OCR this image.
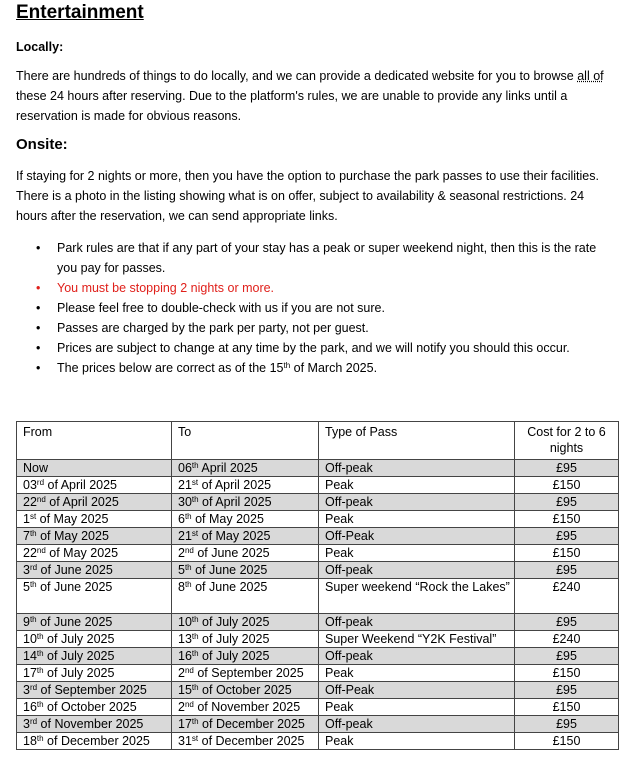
Entertainment
Locally:
There are hundreds of things to do locally, and we can provide a dedicated website for you to browse all of these 24 hours after reserving. Due to the platform's rules, we are unable to provide any links until a reservation is made for obvious reasons.
Onsite:
If staying for 2 nights or more, then you have the option to purchase the park passes to use their facilities. There is a photo in the listing showing what is on offer, subject to availability & seasonal restrictions. 24 hours after the reservation, we can send appropriate links.
• Park rules are that if any part of your stay has a peak or super weekend night, then this is the rate you pay for passes.
• You must be stopping 2 nights or more.
• Please feel free to double-check with us if you are not sure.
• Passes are charged by the park per party, not per guest.
• Prices are subject to change at any time by the park, and we will notify you should this occur.
• The prices below are correct as of the 15th of March 2025.
From	To	Type of Pass	Cost for 2 to 6 nights
Now	06th April 2025	Off-peak	£95
03rd of April 2025	21st of April 2025	Peak	£150
22nd of April 2025	30th of April 2025	Off-peak	£95
1st of May 2025	6th of May 2025	Peak	£150
7th of May 2025	21st of May 2025	Off-Peak	£95
22nd of May 2025	2nd of June 2025	Peak	£150
3rd of June 2025	5th of June 2025	Off-peak	£95
5th of June 2025	8th of June 2025	Super weekend “Rock the Lakes”	£240
9th of June 2025	10th of July 2025	Off-peak	£95
10th of July 2025	13th of July 2025	Super Weekend “Y2K Festival”	£240
14th of July 2025	16th of July 2025	Off-peak	£95
17th of July 2025	2nd of September 2025	Peak	£150
3rd of September 2025	15th of October 2025	Off-Peak	£95
16th of October 2025	2nd of November 2025	Peak	£150
3rd of November 2025	17th of December 2025	Off-peak	£95
18th of December 2025	31st of December 2025	Peak	£150
